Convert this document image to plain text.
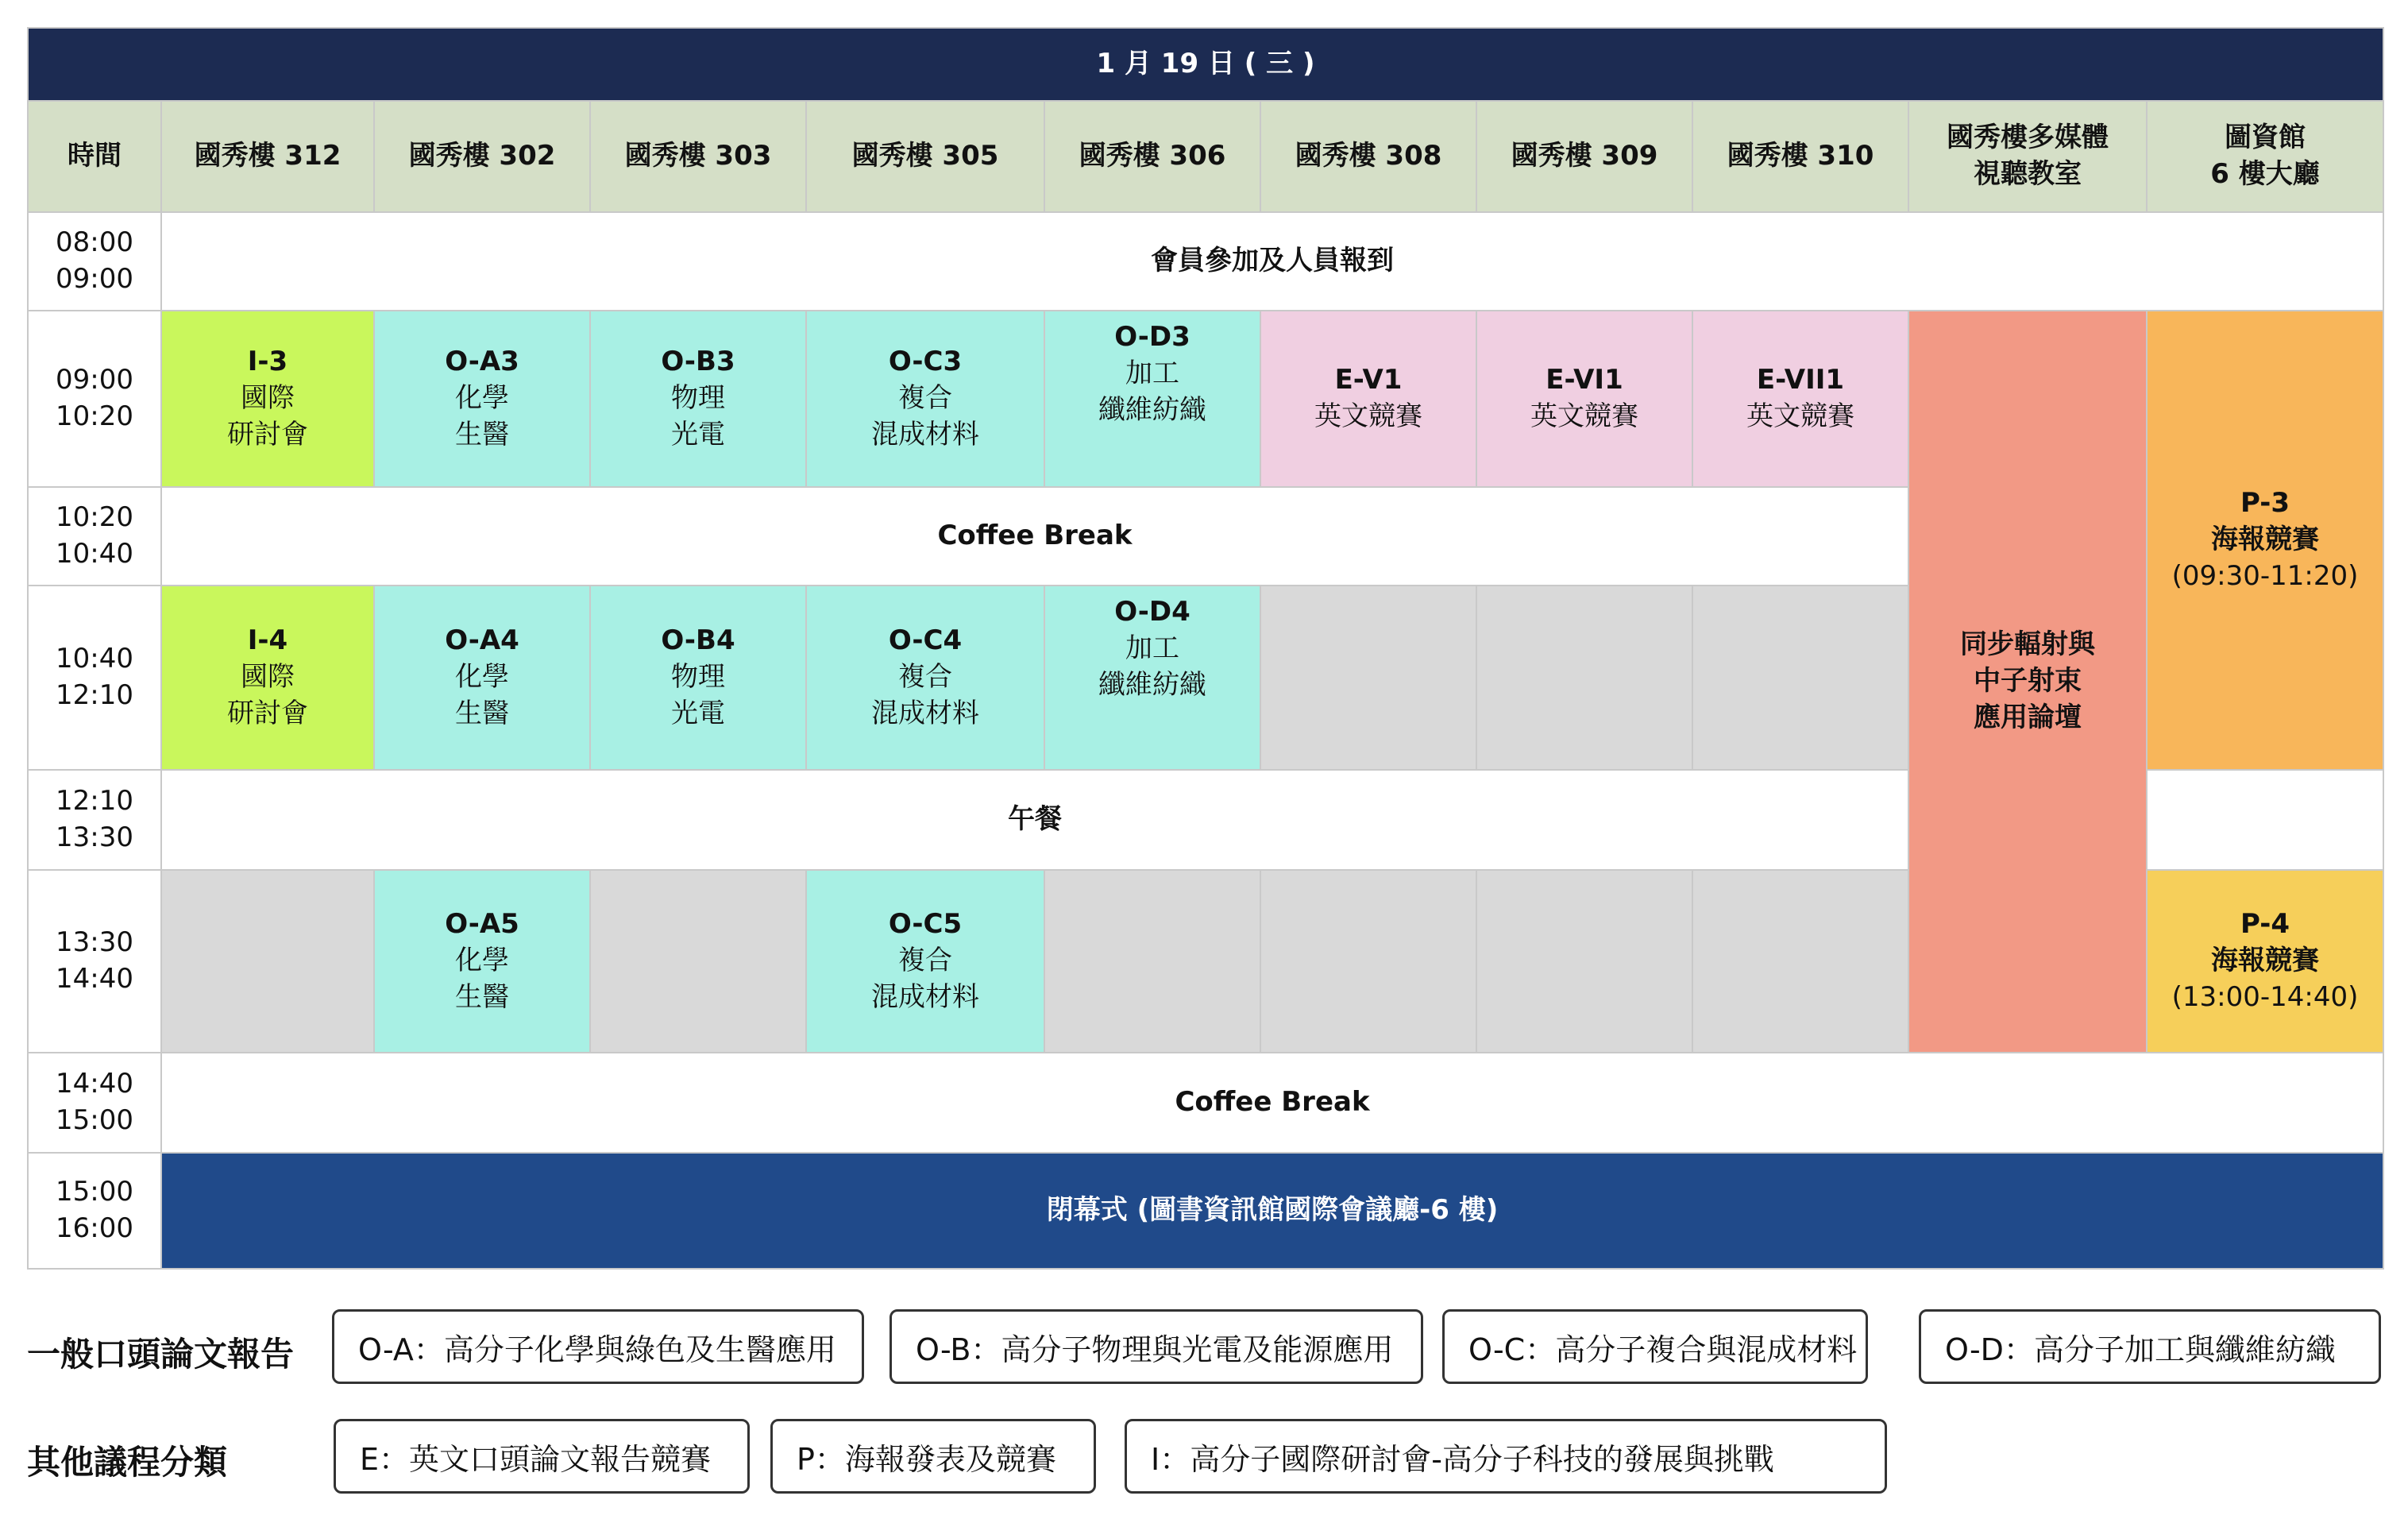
1 月 19 日 ( 三 )										
時間	國秀樓 312	國秀樓 302	國秀樓 303	國秀樓 305	國秀樓 306	國秀樓 308	國秀樓 309	國秀樓 310	國秀樓多媒體
視聽教室	圖資館
6 樓大廳

08:00
09:00	會員參加及人員報到									

09:00
10:20	I-3
國際
研討會	O-A3
化學
生醫	O-B3
物理
光電	O-C3
複合
混成材料	O-D3
加工
纖維紡織	E-V1
英文競賽	E-VI1
英文競賽	E-VII1
英文競賽	同步輻射與
中子射束
應用論壇	P-3
海報競賽
(09:30-11:20)

10:20
10:40	Coffee Break									

10:40
12:10	I-4
國際
研討會	O-A4
化學
生醫	O-B4
物理
光電	O-C4
複合
混成材料	O-D4
加工
纖維紡織					

12:10
13:30	午餐									

13:30
14:40		O-A5
化學
生醫		O-C5
複合
混成材料						P-4
海報競賽
(13:00-14:40)

14:40
15:00	Coffee Break									

15:00
16:00	閉幕式 (圖書資訊館國際會議廳-6 樓)									
一般口頭論文報告	O-A：高分子化學與綠色及生醫應用	O-B：高分子物理與光電及能源應用	O-C：高分子複合與混成材料	O-D：高分子加工與纖維紡織
其他議程分類	E：英文口頭論文報告競賽	P：海報發表及競賽	I：高分子國際研討會-高分子科技的發展與挑戰
